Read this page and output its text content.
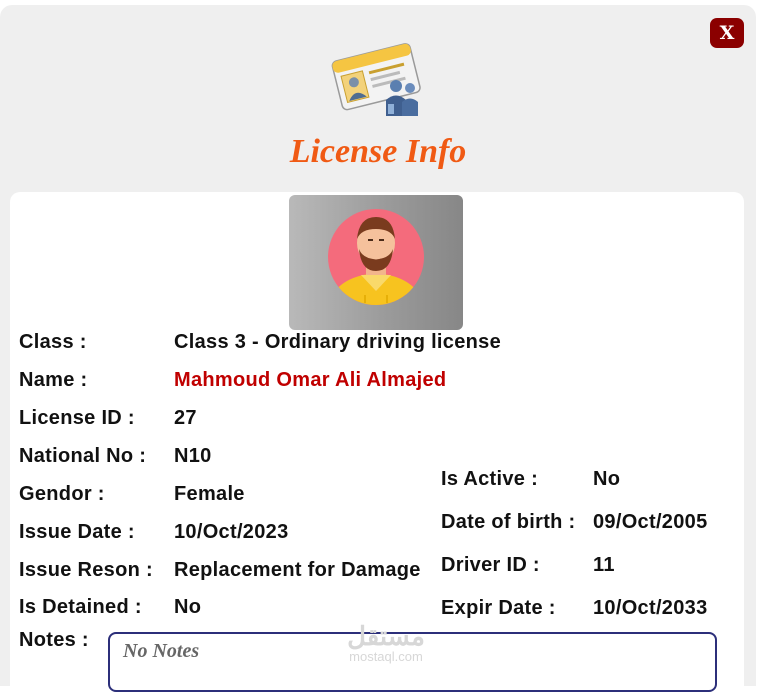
X
License Info
Class :	Class 3 - Ordinary driving license
Name :	Mahmoud Omar Ali Almajed
License ID : 27
National No : N10
Gendor :	Female
Issue Date : 10/Oct/2023
Issue Reson : Replacement for Damage
Is Detained : No
Is Active :	No
Date of birth : 09/Oct/2005
Driver ID :	11
Expir Date : 10/Oct/2033
Notes : No Notes	مستقل
mostaql.com
